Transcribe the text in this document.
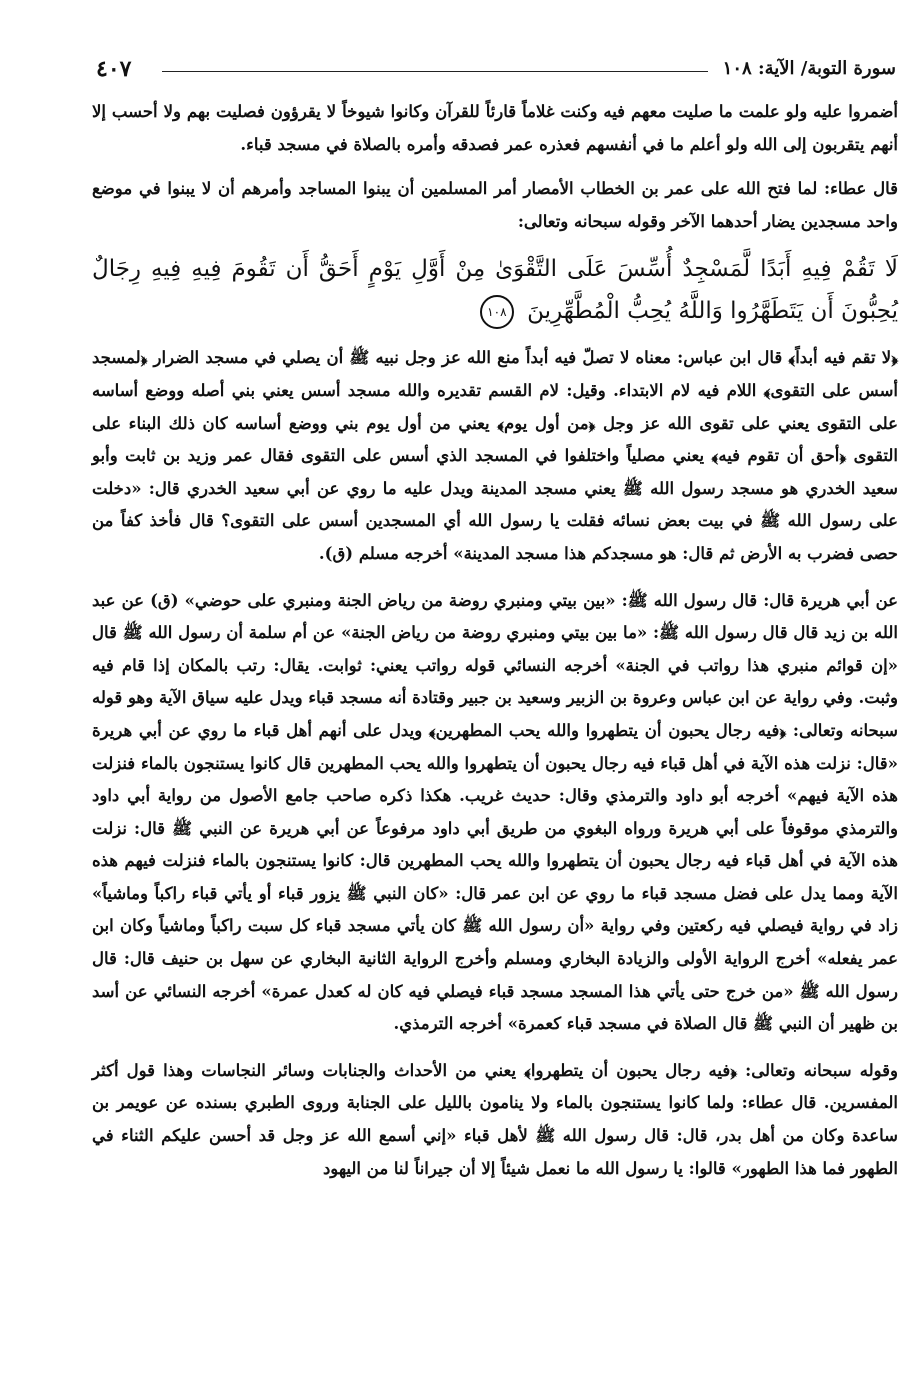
سورة التوبة/ الآية: ١٠٨
٤٠٧

أضمروا عليه ولو علمت ما صليت معهم فيه وكنت غلاماً قارئاً للقرآن وكانوا شيوخاً لا يقرؤون فصليت بهم ولا أحسب إلا أنهم يتقربون إلى الله ولو أعلم ما في أنفسهم فعذره عمر فصدقه وأمره بالصلاة في مسجد قباء.

قال عطاء: لما فتح الله على عمر بن الخطاب الأمصار أمر المسلمين أن يبنوا المساجد وأمرهم أن لا يبنوا في موضع واحد مسجدين يضار أحدهما الآخر وقوله سبحانه وتعالى:

لَا تَقُمْ فِيهِ أَبَدًا لَّمَسْجِدٌ أُسِّسَ عَلَى التَّقْوَىٰ مِنْ أَوَّلِ يَوْمٍ أَحَقُّ أَن تَقُومَ فِيهِ فِيهِ رِجَالٌ يُحِبُّونَ أَن يَتَطَهَّرُوا وَاللَّهُ يُحِبُّ الْمُطَّهِّرِينَ ١٠٨

﴿لا تقم فيه أبداً﴾ قال ابن عباس: معناه لا تصلّ فيه أبداً منع الله عز وجل نبيه ﷺ أن يصلي في مسجد الضرار ﴿لمسجد أسس على التقوى﴾ اللام فيه لام الابتداء. وقيل: لام القسم تقديره والله مسجد أسس يعني بني أصله ووضع أساسه على التقوى يعني على تقوى الله عز وجل ﴿من أول يوم﴾ يعني من أول يوم بني ووضع أساسه كان ذلك البناء على التقوى ﴿أحق أن تقوم فيه﴾ يعني مصلياً واختلفوا في المسجد الذي أسس على التقوى فقال عمر وزيد بن ثابت وأبو سعيد الخدري هو مسجد رسول الله ﷺ يعني مسجد المدينة ويدل عليه ما روي عن أبي سعيد الخدري قال: «دخلت على رسول الله ﷺ في بيت بعض نسائه فقلت يا رسول الله أي المسجدين أسس على التقوى؟ قال فأخذ كفاً من حصى فضرب به الأرض ثم قال: هو مسجدكم هذا مسجد المدينة» أخرجه مسلم (ق).

عن أبي هريرة قال: قال رسول الله ﷺ: «بين بيتي ومنبري روضة من رياض الجنة ومنبري على حوضي» (ق) عن عبد الله بن زيد قال قال رسول الله ﷺ: «ما بين بيتي ومنبري روضة من رياض الجنة» عن أم سلمة أن رسول الله ﷺ قال «إن قوائم منبري هذا رواتب في الجنة» أخرجه النسائي قوله رواتب يعني: ثوابت. يقال: رتب بالمكان إذا قام فيه وثبت. وفي رواية عن ابن عباس وعروة بن الزبير وسعيد بن جبير وقتادة أنه مسجد قباء ويدل عليه سياق الآية وهو قوله سبحانه وتعالى: ﴿فيه رجال يحبون أن يتطهروا والله يحب المطهرين﴾ ويدل على أنهم أهل قباء ما روي عن أبي هريرة «قال: نزلت هذه الآية في أهل قباء فيه رجال يحبون أن يتطهروا والله يحب المطهرين قال كانوا يستنجون بالماء فنزلت هذه الآية فيهم» أخرجه أبو داود والترمذي وقال: حديث غريب. هكذا ذكره صاحب جامع الأصول من رواية أبي داود والترمذي موقوفاً على أبي هريرة ورواه البغوي من طريق أبي داود مرفوعاً عن أبي هريرة عن النبي ﷺ قال: نزلت هذه الآية في أهل قباء فيه رجال يحبون أن يتطهروا والله يحب المطهرين قال: كانوا يستنجون بالماء فنزلت فيهم هذه الآية ومما يدل على فضل مسجد قباء ما روي عن ابن عمر قال: «كان النبي ﷺ يزور قباء أو يأتي قباء راكباً وماشياً» زاد في رواية فيصلي فيه ركعتين وفي رواية «أن رسول الله ﷺ كان يأتي مسجد قباء كل سبت راكباً وماشياً وكان ابن عمر يفعله» أخرج الرواية الأولى والزيادة البخاري ومسلم وأخرج الرواية الثانية البخاري عن سهل بن حنيف قال: قال رسول الله ﷺ «من خرج حتى يأتي هذا المسجد مسجد قباء فيصلي فيه كان له كعدل عمرة» أخرجه النسائي عن أسد بن ظهير أن النبي ﷺ قال الصلاة في مسجد قباء كعمرة» أخرجه الترمذي.

وقوله سبحانه وتعالى: ﴿فيه رجال يحبون أن يتطهروا﴾ يعني من الأحداث والجنابات وسائر النجاسات وهذا قول أكثر المفسرين. قال عطاء: ولما كانوا يستنجون بالماء ولا ينامون بالليل على الجنابة وروى الطبري بسنده عن عويمر بن ساعدة وكان من أهل بدر، قال: قال رسول الله ﷺ لأهل قباء «إني أسمع الله عز وجل قد أحسن عليكم الثناء في الطهور فما هذا الطهور» قالوا: يا رسول الله ما نعمل شيئاً إلا أن جيراناً لنا من اليهود
